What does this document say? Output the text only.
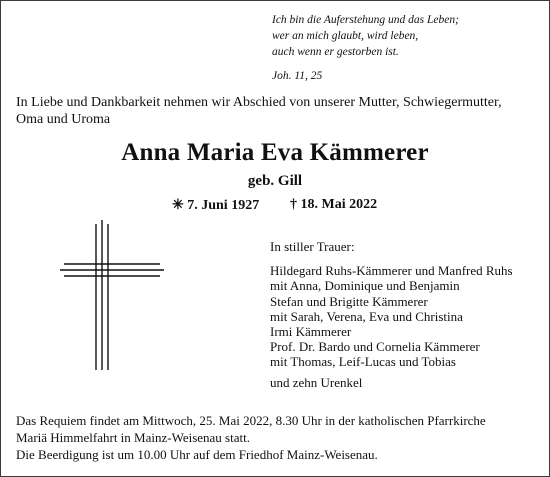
Ich bin die Auferstehung und das Leben;
wer an mich glaubt, wird leben,
auch wenn er gestorben ist.
Joh. 11, 25
In Liebe und Dankbarkeit nehmen wir Abschied von unserer Mutter, Schwiegermutter,
Oma und Uroma
Anna Maria Eva Kämmerer
geb. Gill
✳ 7. Juni 1927 † 18. Mai 2022
In stiller Trauer:
Hildegard Ruhs-Kämmerer und Manfred Ruhs
mit Anna, Dominique und Benjamin
Stefan und Brigitte Kämmerer
mit Sarah, Verena, Eva und Christina
Irmi Kämmerer
Prof. Dr. Bardo und Cornelia Kämmerer
mit Thomas, Leif-Lucas und Tobias
und zehn Urenkel
Das Requiem findet am Mittwoch, 25. Mai 2022, 8.30 Uhr in der katholischen Pfarrkirche
Mariä Himmelfahrt in Mainz-Weisenau statt.
Die Beerdigung ist um 10.00 Uhr auf dem Friedhof Mainz-Weisenau.
